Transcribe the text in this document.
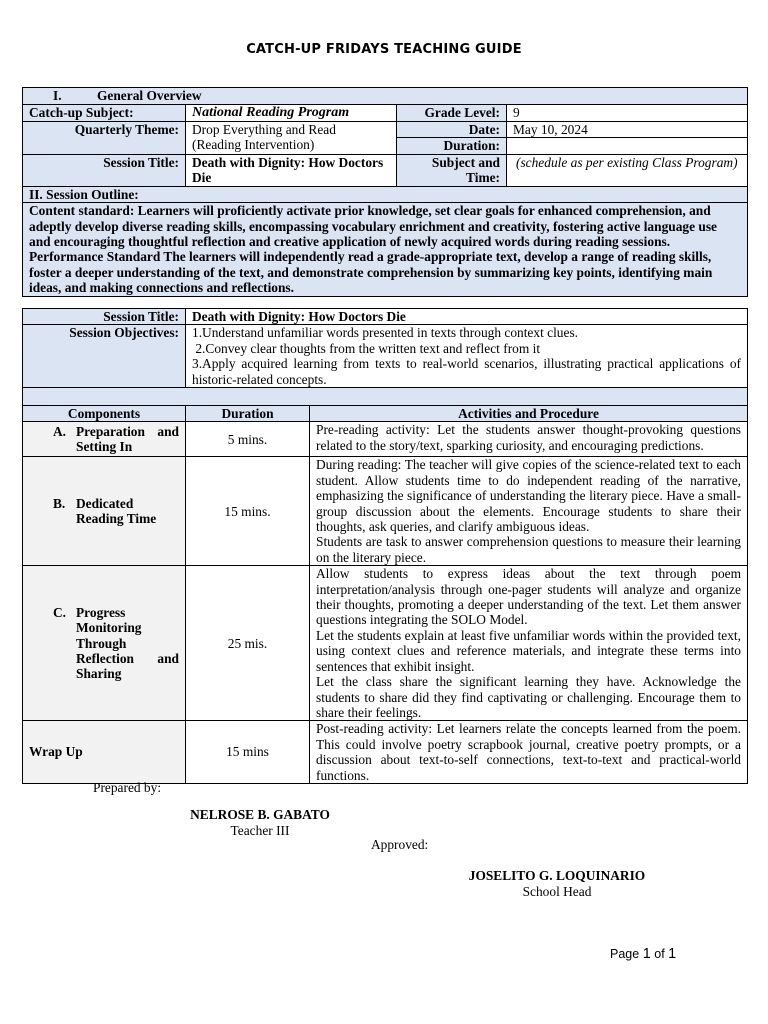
CATCH-UP FRIDAYS TEACHING GUIDE
I. General Overview			
Catch-up Subject:	National Reading Program	Grade Level:	9
Quarterly Theme:	Drop Everything and Read
(Reading Intervention)	Date:	May 10, 2024
		Duration:	
Session Title:	Death with Dignity: How Doctors Die	Subject and Time:	(schedule as per existing Class Program)
II. Session Outline:			

Content standard: Learners will proficiently activate prior knowledge, set clear goals for enhanced comprehension, and adeptly develop diverse reading skills, encompassing vocabulary enrichment and creativity, fostering active language use and encouraging thoughtful reflection and creative application of newly acquired words during reading sessions.
Performance Standard The learners will independently read a grade-appropriate text, develop a range of reading skills, foster a deeper understanding of the text, and demonstrate comprehension by summarizing key points, identifying main ideas, and making connections and reflections.			
Session Title:	Death with Dignity: How Doctors Die
Session Objectives:	1.Understand unfamiliar words presented in texts through context clues.
2.Convey clear thoughts from the written text and reflect from it
3.Apply acquired learning from texts to real-world scenarios, illustrating practical applications of historic-related concepts.

Components	Duration	Activities and Procedure

A. Preparation and Setting In	5 mins.	Pre-reading activity: Let the students answer thought-provoking questions related to the story/text, sparking curiosity, and encouraging predictions.

B. Dedicated Reading Time	15 mins.	During reading: The teacher will give copies of the science-related text to each student. Allow students time to do independent reading of the narrative, emphasizing the significance of understanding the literary piece. Have a small-group discussion about the elements. Encourage students to share their thoughts, ask queries, and clarify ambiguous ideas.
Students are task to answer comprehension questions to measure their learning on the literary piece.

C. Progress Monitoring Through Reflection and Sharing	25 mis.	Allow students to express ideas about the text through poem interpretation/analysis through one-pager students will analyze and organize their thoughts, promoting a deeper understanding of the text. Let them answer questions integrating the SOLO Model.
Let the students explain at least five unfamiliar words within the provided text, using context clues and reference materials, and integrate these terms into sentences that exhibit insight.
Let the class share the significant learning they have. Acknowledge the students to share did they find captivating or challenging. Encourage them to share their feelings.
Wrap Up	15 mins	Post-reading activity: Let learners relate the concepts learned from the poem. This could involve poetry scrapbook journal, creative poetry prompts, or a discussion about text-to-self connections, text-to-text and practical-world functions.
Prepared by:
NELROSE B. GABATO
Teacher III
Approved:
JOSELITO G. LOQUINARIO
School Head
Page 1 of 1
